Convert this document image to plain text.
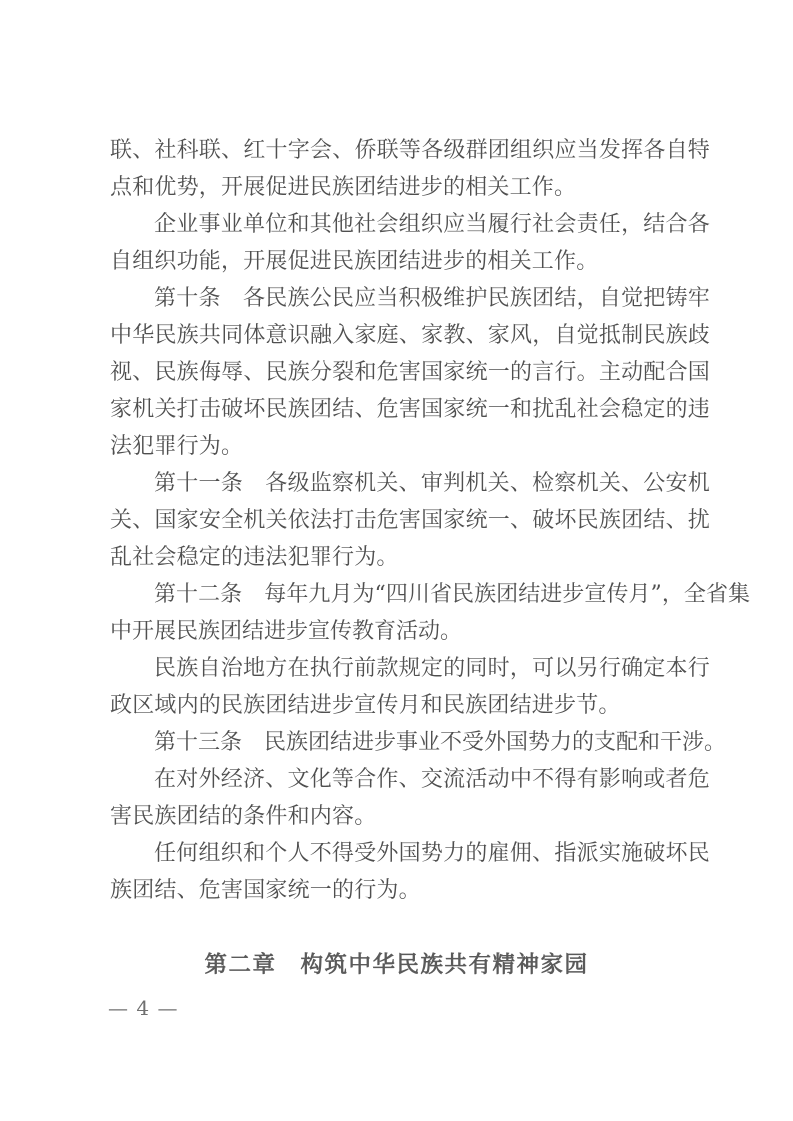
联、社科联、红十字会、侨联等各级群团组织应当发挥各自特点和优势，开展促进民族团结进步的相关工作。

企业事业单位和其他社会组织应当履行社会责任，结合各自组织功能，开展促进民族团结进步的相关工作。

第十条　各民族公民应当积极维护民族团结，自觉把铸牢中华民族共同体意识融入家庭、家教、家风，自觉抵制民族歧视、民族侮辱、民族分裂和危害国家统一的言行。主动配合国家机关打击破坏民族团结、危害国家统一和扰乱社会稳定的违法犯罪行为。

第十一条　各级监察机关、审判机关、检察机关、公安机关、国家安全机关依法打击危害国家统一、破坏民族团结、扰乱社会稳定的违法犯罪行为。

第十二条　每年九月为“四川省民族团结进步宣传月”，全省集中开展民族团结进步宣传教育活动。

民族自治地方在执行前款规定的同时，可以另行确定本行政区域内的民族团结进步宣传月和民族团结进步节。

第十三条　民族团结进步事业不受外国势力的支配和干涉。

在对外经济、文化等合作、交流活动中不得有影响或者危害民族团结的条件和内容。

任何组织和个人不得受外国势力的雇佣、指派实施破坏民族团结、危害国家统一的行为。

第二章　构筑中华民族共有精神家园
— 4 —
